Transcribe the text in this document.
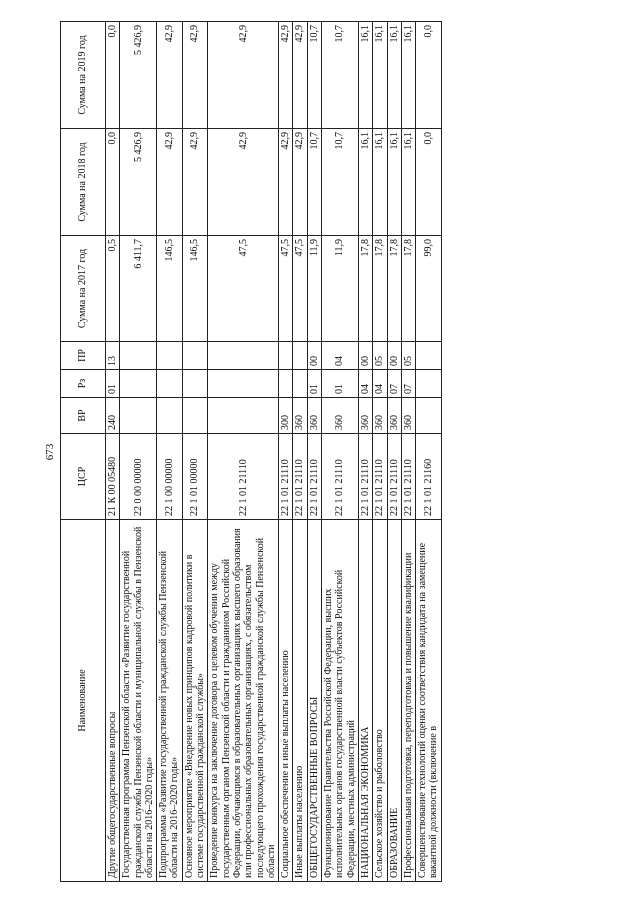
673
Наименование	ЦСР	ВР	Рз	ПР	Сумма на 2017 год	Сумма на 2018 год	Сумма на 2019 год
Другие общегосударственные вопросы	21 К 00 05480	240	01	13	0,5	0,0	0,0
Государственная программа Пензенской области «Развитие государственной гражданской службы Пензенской области и муниципальной службы в Пензенской области на 2016–2020 годы»	22 0 00 00000				6 411,7	5 426,9	5 426,9
Подпрограмма «Развитие государственной гражданской службы Пензенской области на 2016–2020 годы»	22 1 00 00000				146,5	42,9	42,9
Основное мероприятие «Внедрение новых принципов кадровой политики в системе государственной гражданской службы»	22 1 01 00000				146,5	42,9	42,9
Проведение конкурса на заключение договора о целевом обучении между государственным органом Пензенской области и гражданином Российской Федерации, обучающимся в образовательных организациях высшего образования или профессиональных образовательных организациях, с обязательством последующего прохождения государственной гражданской службы Пензенской области	22 1 01 21110				47,5	42,9	42,9
Социальное обеспечение и иные выплаты населению	22 1 01 21110	300			47,5	42,9	42,9
Иные выплаты населению	22 1 01 21110	360			47,5	42,9	42,9
ОБЩЕГОСУДАРСТВЕННЫЕ ВОПРОСЫ	22 1 01 21110	360	01	00	11,9	10,7	10,7
Функционирование Правительства Российской Федерации, высших исполнительных органов государственной власти субъектов Российской Федерации, местных администраций	22 1 01 21110	360	01	04	11,9	10,7	10,7
НАЦИОНАЛЬНАЯ ЭКОНОМИКА	22 1 01 21110	360	04	00	17,8	16,1	16,1
Сельское хозяйство и рыболовство	22 1 01 21110	360	04	05	17,8	16,1	16,1
ОБРАЗОВАНИЕ	22 1 01 21110	360	07	00	17,8	16,1	16,1
Профессиональная подготовка, переподготовка и повышение квалификации	22 1 01 21110	360	07	05	17,8	16,1	16,1
Совершенствование технологий оценки соответствия кандидата на замещение вакантной должности (включение в	22 1 01 21160				99,0	0,0	0,0
